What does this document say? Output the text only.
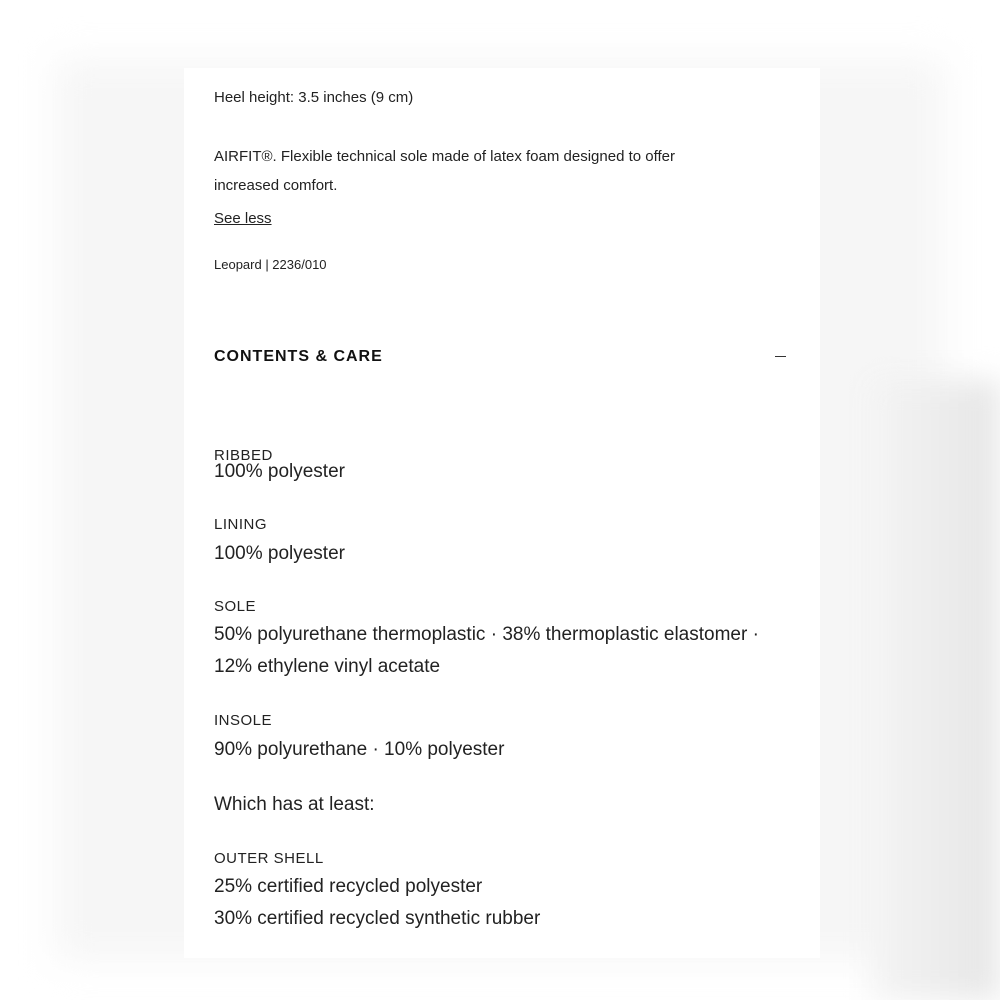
Heel height: 3.5 inches (9 cm)
AIRFIT®. Flexible technical sole made of latex foam designed to offer
increased comfort.
See less
Leopard | 2236/010
CONTENTS & CARE
RIBBED
100% polyester
LINING
100% polyester
SOLE
50% polyurethane thermoplastic · 38% thermoplastic elastomer ·
12% ethylene vinyl acetate
INSOLE
90% polyurethane · 10% polyester
Which has at least:
OUTER SHELL
25% certified recycled polyester
30% certified recycled synthetic rubber
